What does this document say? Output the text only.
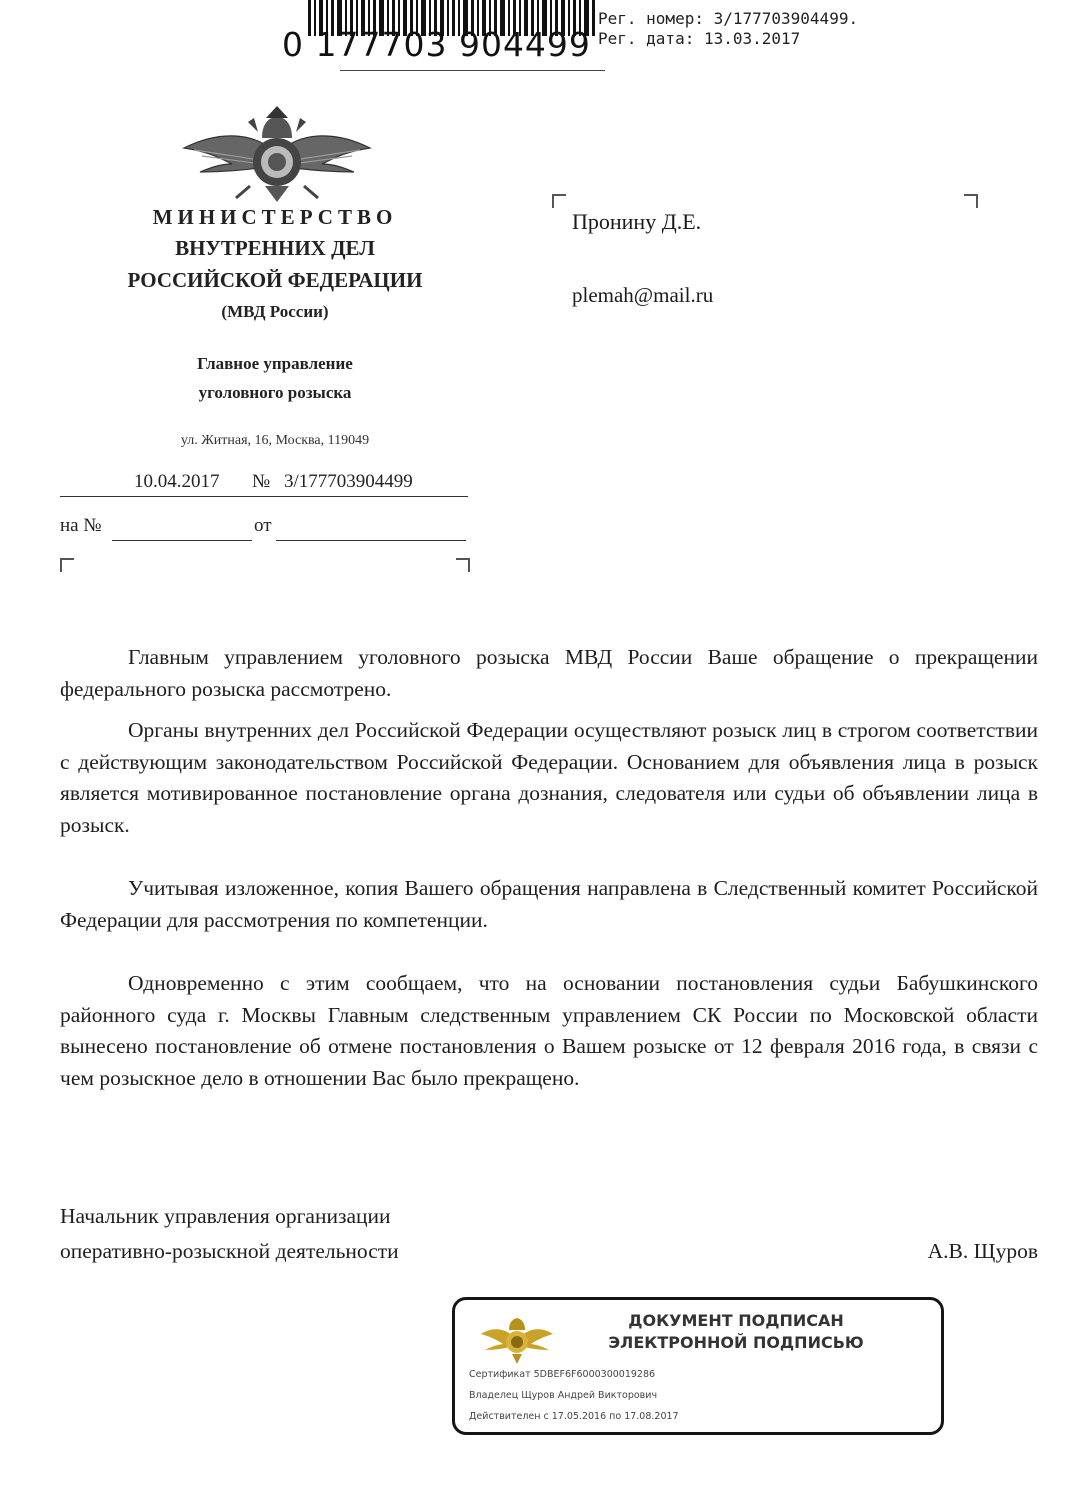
0 177703 904499
Рег. номер: 3/177703904499.
Рег. дата: 13.03.2017
МИНИСТЕРСТВО
ВНУТРЕННИХ ДЕЛ
РОССИЙСКОЙ ФЕДЕРАЦИИ
(МВД России)
Главное управление
уголовного розыска
ул. Житная, 16, Москва, 119049
10.04.2017 № 3/177703904499
на №	от
Пронину Д.Е.
plemah@mail.ru

Главным управлением уголовного розыска МВД России Ваше обращение о прекращении федерального розыска рассмотрено.

Органы внутренних дел Российской Федерации осуществляют розыск лиц в строгом соответствии с действующим законодательством Российской Федерации. Основанием для объявления лица в розыск является мотивированное постановление органа дознания, следователя или судьи об объявлении лица в розыск.

Учитывая изложенное, копия Вашего обращения направлена в Следственный комитет Российской Федерации для рассмотрения по компетенции.

Одновременно с этим сообщаем, что на основании постановления судьи Бабушкинского районного суда г. Москвы Главным следственным управлением СК России по Московской области вынесено постановление об отмене постановления о Вашем розыске от 12 февраля 2016 года, в связи с чем розыскное дело в отношении Вас было прекращено.

Начальник управления организации
оперативно-розыскной деятельности	А.В. Щуров
ДОКУМЕНТ ПОДПИСАН
ЭЛЕКТРОННОЙ ПОДПИСЬЮ
Сертификат 5DBEF6F6000300019286
Владелец Щуров Андрей Викторович
Действителен с 17.05.2016 по 17.08.2017
